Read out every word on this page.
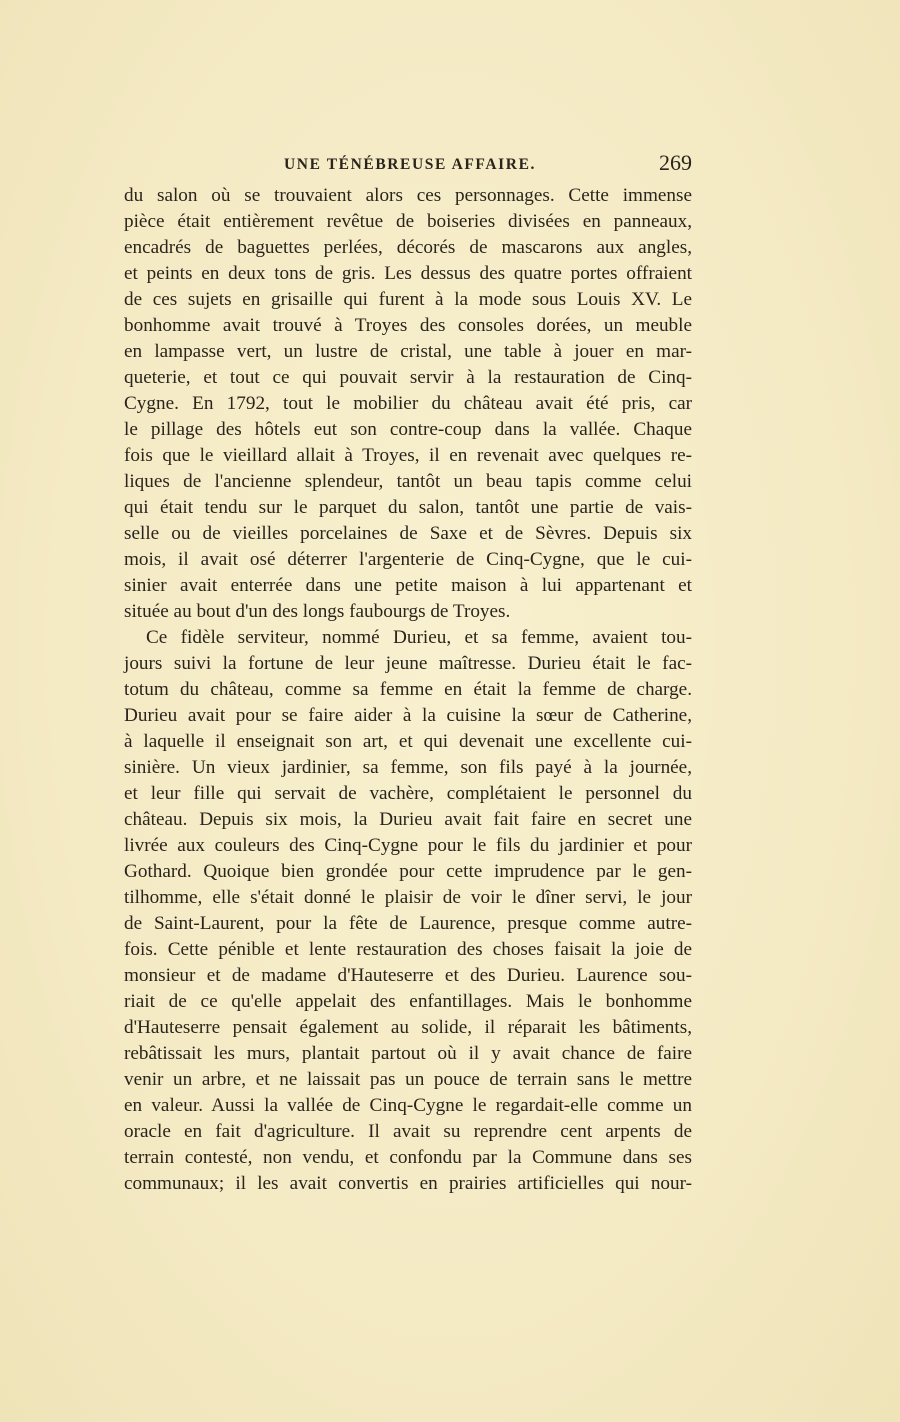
UNE TÉNÉBREUSE AFFAIRE.	269
du salon où se trouvaient alors ces personnages. Cette immense
pièce était entièrement revêtue de boiseries divisées en panneaux,
encadrés de baguettes perlées, décorés de mascarons aux angles,
et peints en deux tons de gris. Les dessus des quatre portes offraient
de ces sujets en grisaille qui furent à la mode sous Louis XV. Le
bonhomme avait trouvé à Troyes des consoles dorées, un meuble
en lampasse vert, un lustre de cristal, une table à jouer en mar-
queterie, et tout ce qui pouvait servir à la restauration de Cinq-
Cygne. En 1792, tout le mobilier du château avait été pris, car
le pillage des hôtels eut son contre-coup dans la vallée. Chaque
fois que le vieillard allait à Troyes, il en revenait avec quelques re-
liques de l'ancienne splendeur, tantôt un beau tapis comme celui
qui était tendu sur le parquet du salon, tantôt une partie de vais-
selle ou de vieilles porcelaines de Saxe et de Sèvres. Depuis six
mois, il avait osé déterrer l'argenterie de Cinq-Cygne, que le cui-
sinier avait enterrée dans une petite maison à lui appartenant et
située au bout d'un des longs faubourgs de Troyes.
Ce fidèle serviteur, nommé Durieu, et sa femme, avaient tou-
jours suivi la fortune de leur jeune maîtresse. Durieu était le fac-
totum du château, comme sa femme en était la femme de charge.
Durieu avait pour se faire aider à la cuisine la sœur de Catherine,
à laquelle il enseignait son art, et qui devenait une excellente cui-
sinière. Un vieux jardinier, sa femme, son fils payé à la journée,
et leur fille qui servait de vachère, complétaient le personnel du
château. Depuis six mois, la Durieu avait fait faire en secret une
livrée aux couleurs des Cinq-Cygne pour le fils du jardinier et pour
Gothard. Quoique bien grondée pour cette imprudence par le gen-
tilhomme, elle s'était donné le plaisir de voir le dîner servi, le jour
de Saint-Laurent, pour la fête de Laurence, presque comme autre-
fois. Cette pénible et lente restauration des choses faisait la joie de
monsieur et de madame d'Hauteserre et des Durieu. Laurence sou-
riait de ce qu'elle appelait des enfantillages. Mais le bonhomme
d'Hauteserre pensait également au solide, il réparait les bâtiments,
rebâtissait les murs, plantait partout où il y avait chance de faire
venir un arbre, et ne laissait pas un pouce de terrain sans le mettre
en valeur. Aussi la vallée de Cinq-Cygne le regardait-elle comme un
oracle en fait d'agriculture. Il avait su reprendre cent arpents de
terrain contesté, non vendu, et confondu par la Commune dans ses
communaux; il les avait convertis en prairies artificielles qui nour-
